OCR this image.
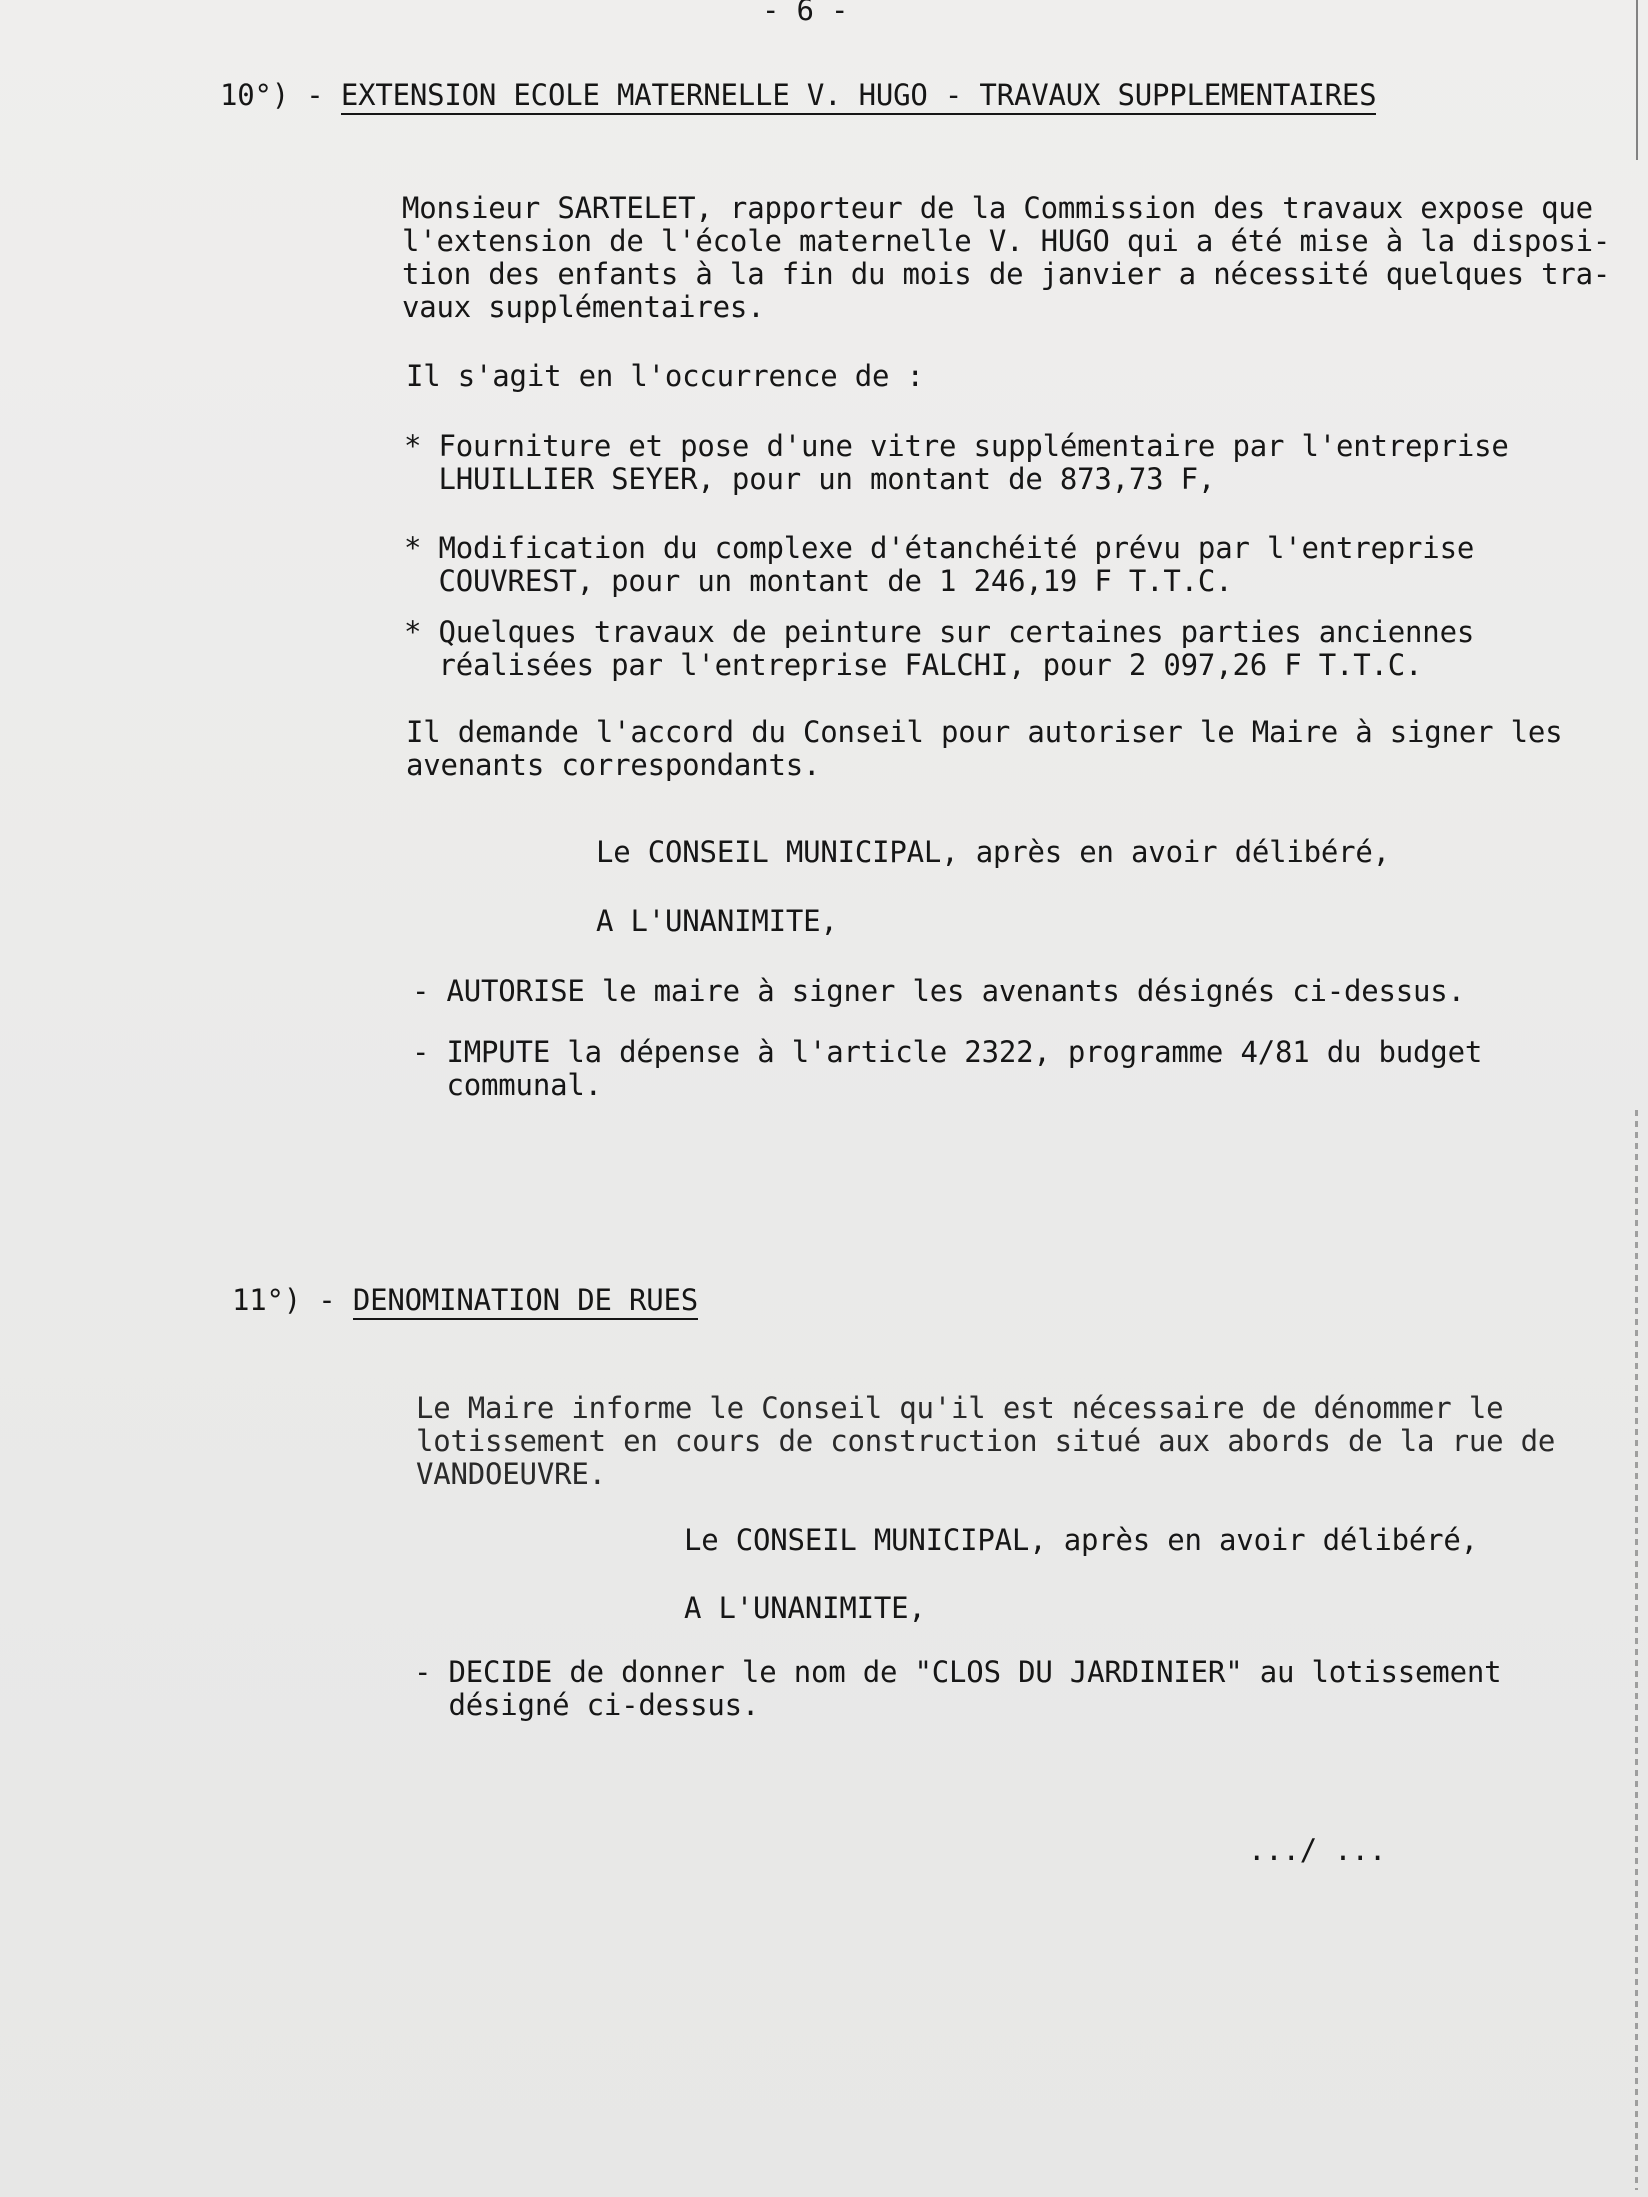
- 6 -

10°) - EXTENSION ECOLE MATERNELLE V. HUGO - TRAVAUX SUPPLEMENTAIRES

Monsieur SARTELET, rapporteur de la Commission des travaux expose que

l'extension de l'école maternelle V. HUGO qui a été mise à la disposi-

tion des enfants à la fin du mois de janvier a nécessité quelques tra-

vaux supplémentaires.

Il s'agit en l'occurrence de :

* Fourniture et pose d'une vitre supplémentaire par l'entreprise

LHUILLIER SEYER, pour un montant de 873,73 F,

* Modification du complexe d'étanchéité prévu par l'entreprise

COUVREST, pour un montant de 1 246,19 F T.T.C.

* Quelques travaux de peinture sur certaines parties anciennes

réalisées par l'entreprise FALCHI, pour 2 097,26 F T.T.C.

Il demande l'accord du Conseil pour autoriser le Maire à signer les

avenants correspondants.

Le CONSEIL MUNICIPAL, après en avoir délibéré,

A L'UNANIMITE,

- AUTORISE le maire à signer les avenants désignés ci-dessus.

- IMPUTE la dépense à l'article 2322, programme 4/81 du budget

communal.

11°) - DENOMINATION DE RUES

Le Maire informe le Conseil qu'il est nécessaire de dénommer le

lotissement en cours de construction situé aux abords de la rue de

VANDOEUVRE.

Le CONSEIL MUNICIPAL, après en avoir délibéré,

A L'UNANIMITE,

- DECIDE de donner le nom de "CLOS DU JARDINIER" au lotissement

désigné ci-dessus.

.../ ...
